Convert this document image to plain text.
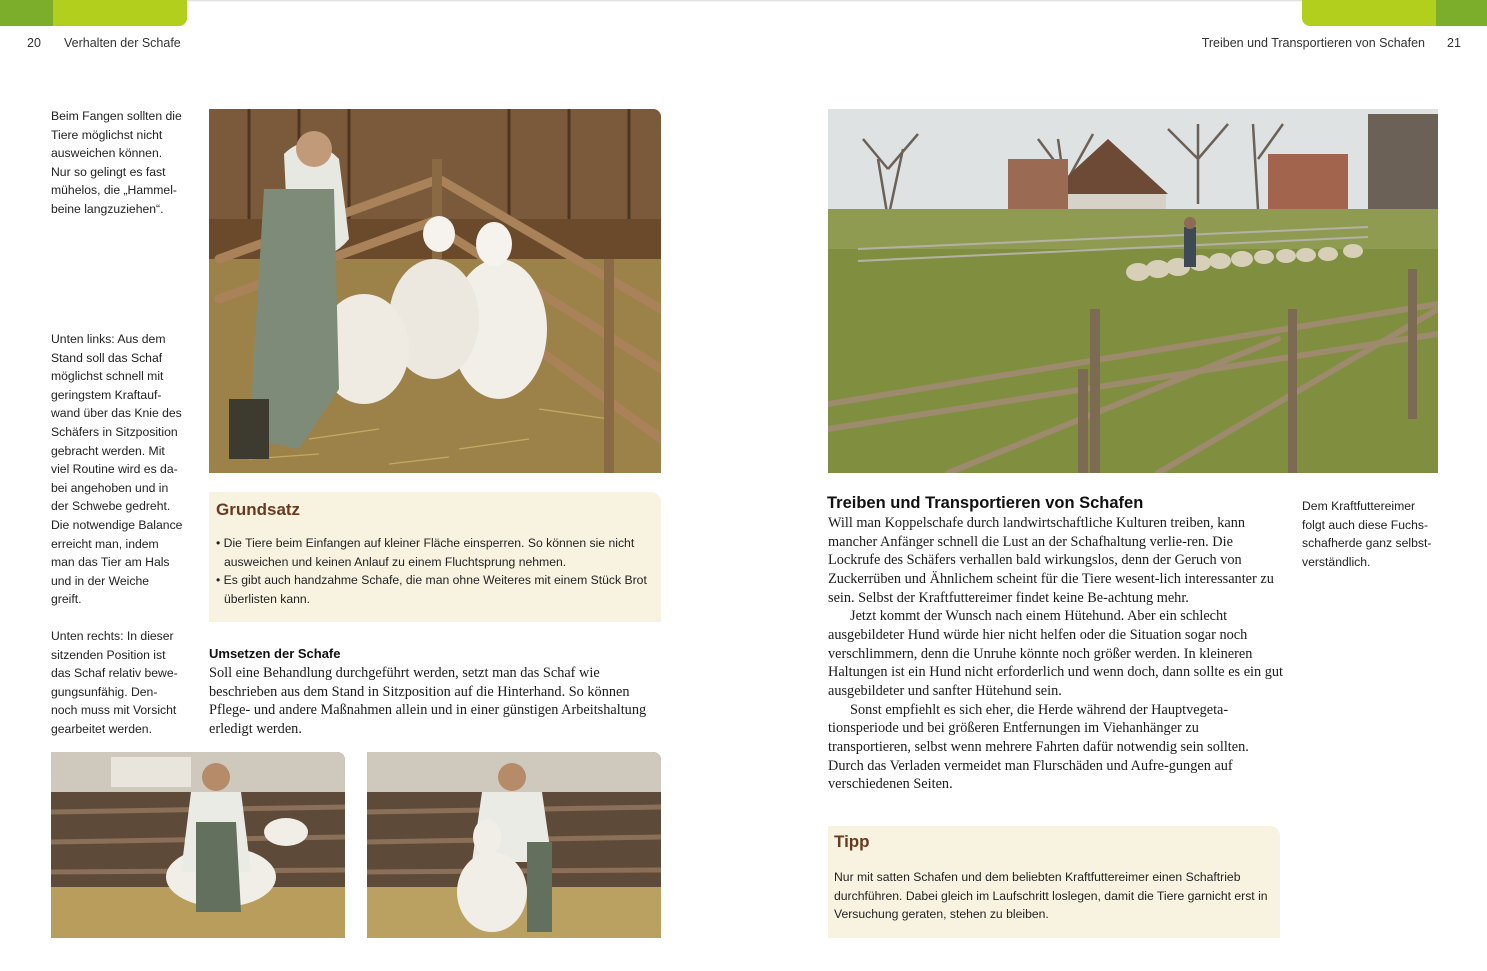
20 Verhalten der Schafe	Treiben und Transportieren von Schafen 21
Beim Fangen sollten die
Tiere möglichst nicht
ausweichen können.
Nur so gelingt es fast
mühelos, die „Hammel-
beine langzuziehen“.
Unten links: Aus dem
Stand soll das Schaf
möglichst schnell mit
geringstem Kraftauf-
wand über das Knie des
Schäfers in Sitzposition
gebracht werden. Mit
viel Routine wird es da-
bei angehoben und in
der Schwebe gedreht.
Die notwendige Balance
erreicht man, indem
man das Tier am Hals
und in der Weiche
greift.
Unten rechts: In dieser
sitzenden Position ist
das Schaf relativ bewe-
gungsunfähig. Den-
noch muss mit Vorsicht
gearbeitet werden.
Grundsatz
• Die Tiere beim Einfangen auf kleiner Fläche einsperren. So können sie nicht ausweichen und keinen Anlauf zu einem Fluchtsprung nehmen.
• Es gibt auch handzahme Schafe, die man ohne Weiteres mit einem Stück Brot überlisten kann.
Umsetzen der Schafe

Soll eine Behandlung durchgeführt werden, setzt man das Schaf wie beschrieben aus dem Stand in Sitzposition auf die Hinterhand. So können Pflege- und andere Maßnahmen allein und in einer günstigen Arbeitshaltung erledigt werden.

Treiben und Transportieren von Schafen

Will man Koppelschafe durch landwirtschaftliche Kulturen treiben, kann mancher Anfänger schnell die Lust an der Schafhaltung verlie-ren. Die Lockrufe des Schäfers verhallen bald wirkungslos, denn der Geruch von Zuckerrüben und Ähnlichem scheint für die Tiere wesent-lich interessanter zu sein. Selbst der Kraftfuttereimer findet keine Be-achtung mehr.

Jetzt kommt der Wunsch nach einem Hütehund. Aber ein schlecht ausgebildeter Hund würde hier nicht helfen oder die Situation sogar noch verschlimmern, denn die Unruhe könnte noch größer werden. In kleineren Haltungen ist ein Hund nicht erforderlich und wenn doch, dann sollte es ein gut ausgebildeter und sanfter Hütehund sein.

Sonst empfiehlt es sich eher, die Herde während der Hauptvegeta-tionsperiode und bei größeren Entfernungen im Viehanhänger zu transportieren, selbst wenn mehrere Fahrten dafür notwendig sein sollten. Durch das Verladen vermeidet man Flurschäden und Aufre-gungen auf verschiedenen Seiten.

Dem Kraftfuttereimer
folgt auch diese Fuchs-
schafherde ganz selbst-
verständlich.
Tipp
Nur mit satten Schafen und dem beliebten Kraftfuttereimer einen Schaftrieb durchführen. Dabei gleich im Laufschritt loslegen, damit die Tiere garnicht erst in Versuchung geraten, stehen zu bleiben.
